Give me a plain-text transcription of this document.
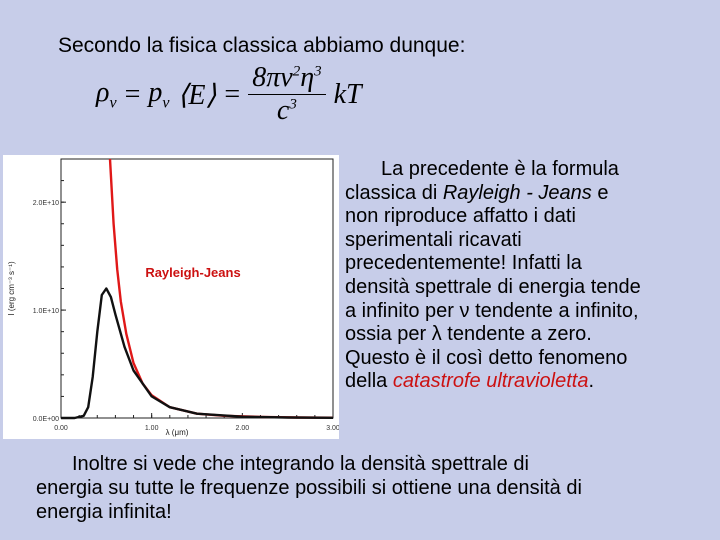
Secondo la fisica classica abbiamo dunque:
$\rho_\nu = p_\nu$ ⟨E⟩ = $\frac{8\pi\nu^2\eta^3}{c^3}$ kT
0.00	1.00	2.00	3.00
0.0E+00
1.0E+10
2.0E+10
λ (μm)
I (erg cm⁻³ s⁻¹)	Rayleigh-Jeans
La precedente è la formula
classica di Rayleigh - Jeans e
non riproduce affatto i dati
sperimentali ricavati
precedentemente! Infatti la
densità spettrale di energia tende
a infinito per ν tendente a infinito,
ossia per λ tendente a zero.
Questo è il così detto fenomeno
della catastrofe ultravioletta.
Inoltre si vede che integrando la densità spettrale di
energia su tutte le frequenze possibili si ottiene una densità di
energia infinita!
